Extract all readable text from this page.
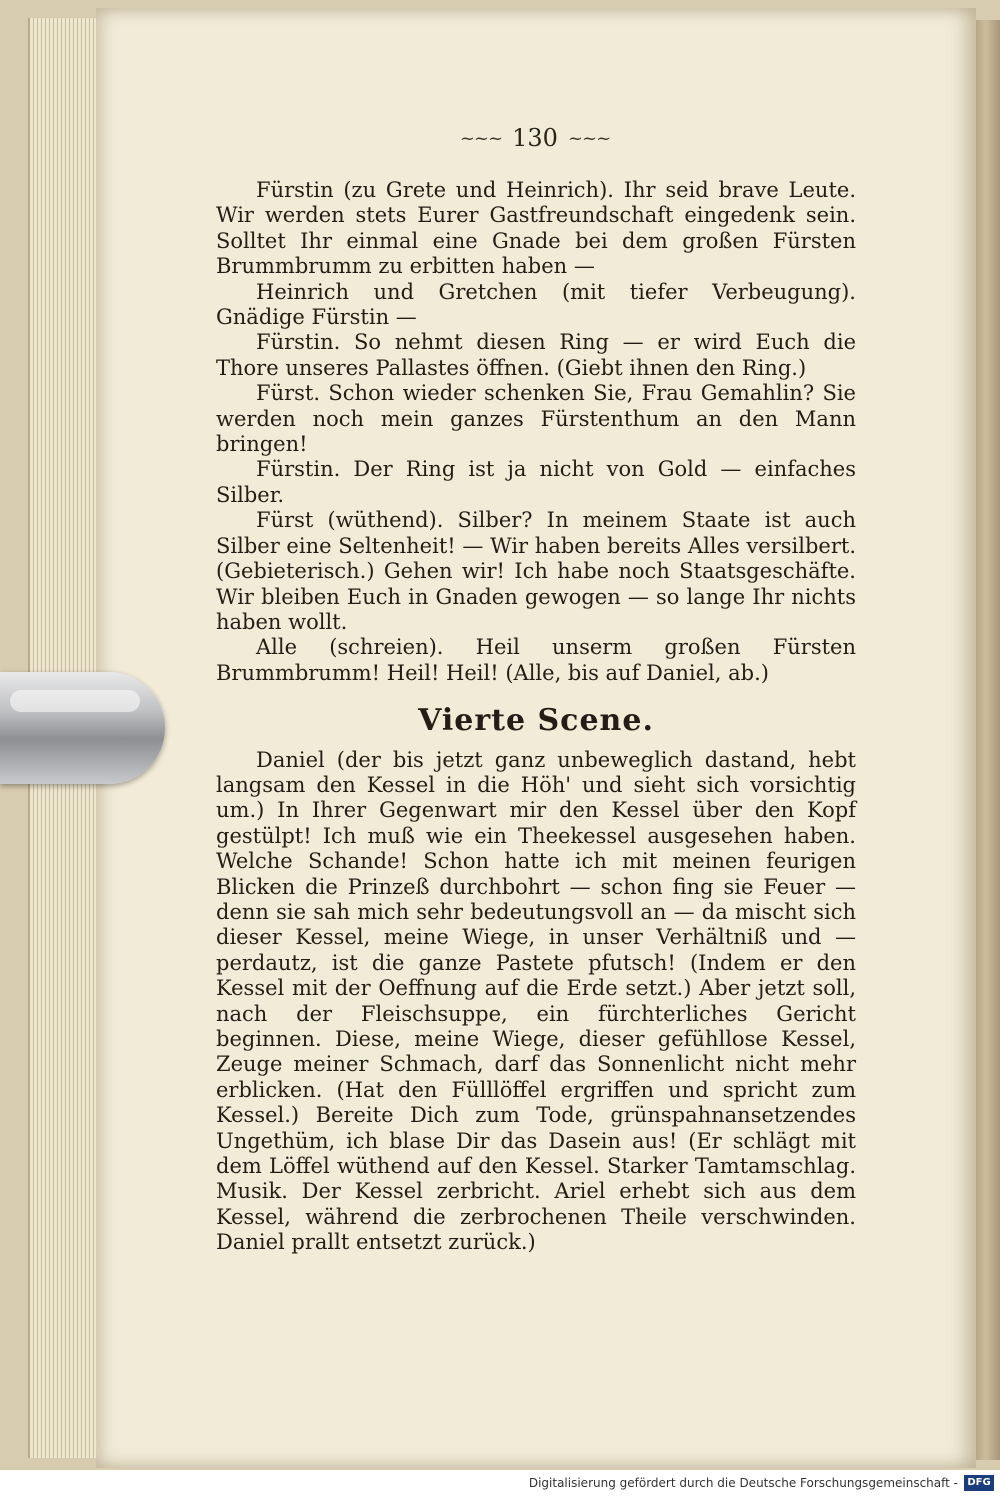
~~~ 130 ~~~

Fürstin (zu Grete und Heinrich). Ihr seid brave Leute. Wir werden stets Eurer Gastfreundschaft eingedenk sein. Solltet Ihr einmal eine Gnade bei dem großen Fürsten Brummbrumm zu erbitten haben —

Heinrich und Gretchen (mit tiefer Verbeugung). Gnädige Fürstin —

Fürstin. So nehmt diesen Ring — er wird Euch die Thore unseres Pallastes öffnen. (Giebt ihnen den Ring.)

Fürst. Schon wieder schenken Sie, Frau Gemahlin? Sie werden noch mein ganzes Fürstenthum an den Mann bringen!

Fürstin. Der Ring ist ja nicht von Gold — einfaches Silber.

Fürst (wüthend). Silber? In meinem Staate ist auch Silber eine Seltenheit! — Wir haben bereits Alles versilbert. (Gebieterisch.) Gehen wir! Ich habe noch Staatsgeschäfte. Wir bleiben Euch in Gnaden gewogen — so lange Ihr nichts haben wollt.

Alle (schreien). Heil unserm großen Fürsten Brummbrumm! Heil! Heil! (Alle, bis auf Daniel, ab.)

Vierte Scene.

Daniel (der bis jetzt ganz unbeweglich dastand, hebt langsam den Kessel in die Höh' und sieht sich vorsichtig um.) In Ihrer Gegenwart mir den Kessel über den Kopf gestülpt! Ich muß wie ein Theekessel ausgesehen haben. Welche Schande! Schon hatte ich mit meinen feurigen Blicken die Prinzeß durchbohrt — schon fing sie Feuer — denn sie sah mich sehr bedeutungsvoll an — da mischt sich dieser Kessel, meine Wiege, in unser Verhältniß und — perdautz, ist die ganze Pastete pfutsch! (Indem er den Kessel mit der Oeffnung auf die Erde setzt.) Aber jetzt soll, nach der Fleischsuppe, ein fürchterliches Gericht beginnen. Diese, meine Wiege, dieser gefühllose Kessel, Zeuge meiner Schmach, darf das Sonnenlicht nicht mehr erblicken. (Hat den Fülllöffel ergriffen und spricht zum Kessel.) Bereite Dich zum Tode, grünspahnansetzendes Ungethüm, ich blase Dir das Dasein aus! (Er schlägt mit dem Löffel wüthend auf den Kessel. Starker Tamtamschlag. Musik. Der Kessel zerbricht. Ariel erhebt sich aus dem Kessel, während die zerbrochenen Theile verschwinden. Daniel prallt entsetzt zurück.)

Digitalisierung gefördert durch die Deutsche Forschungsgemeinschaft - DFG
